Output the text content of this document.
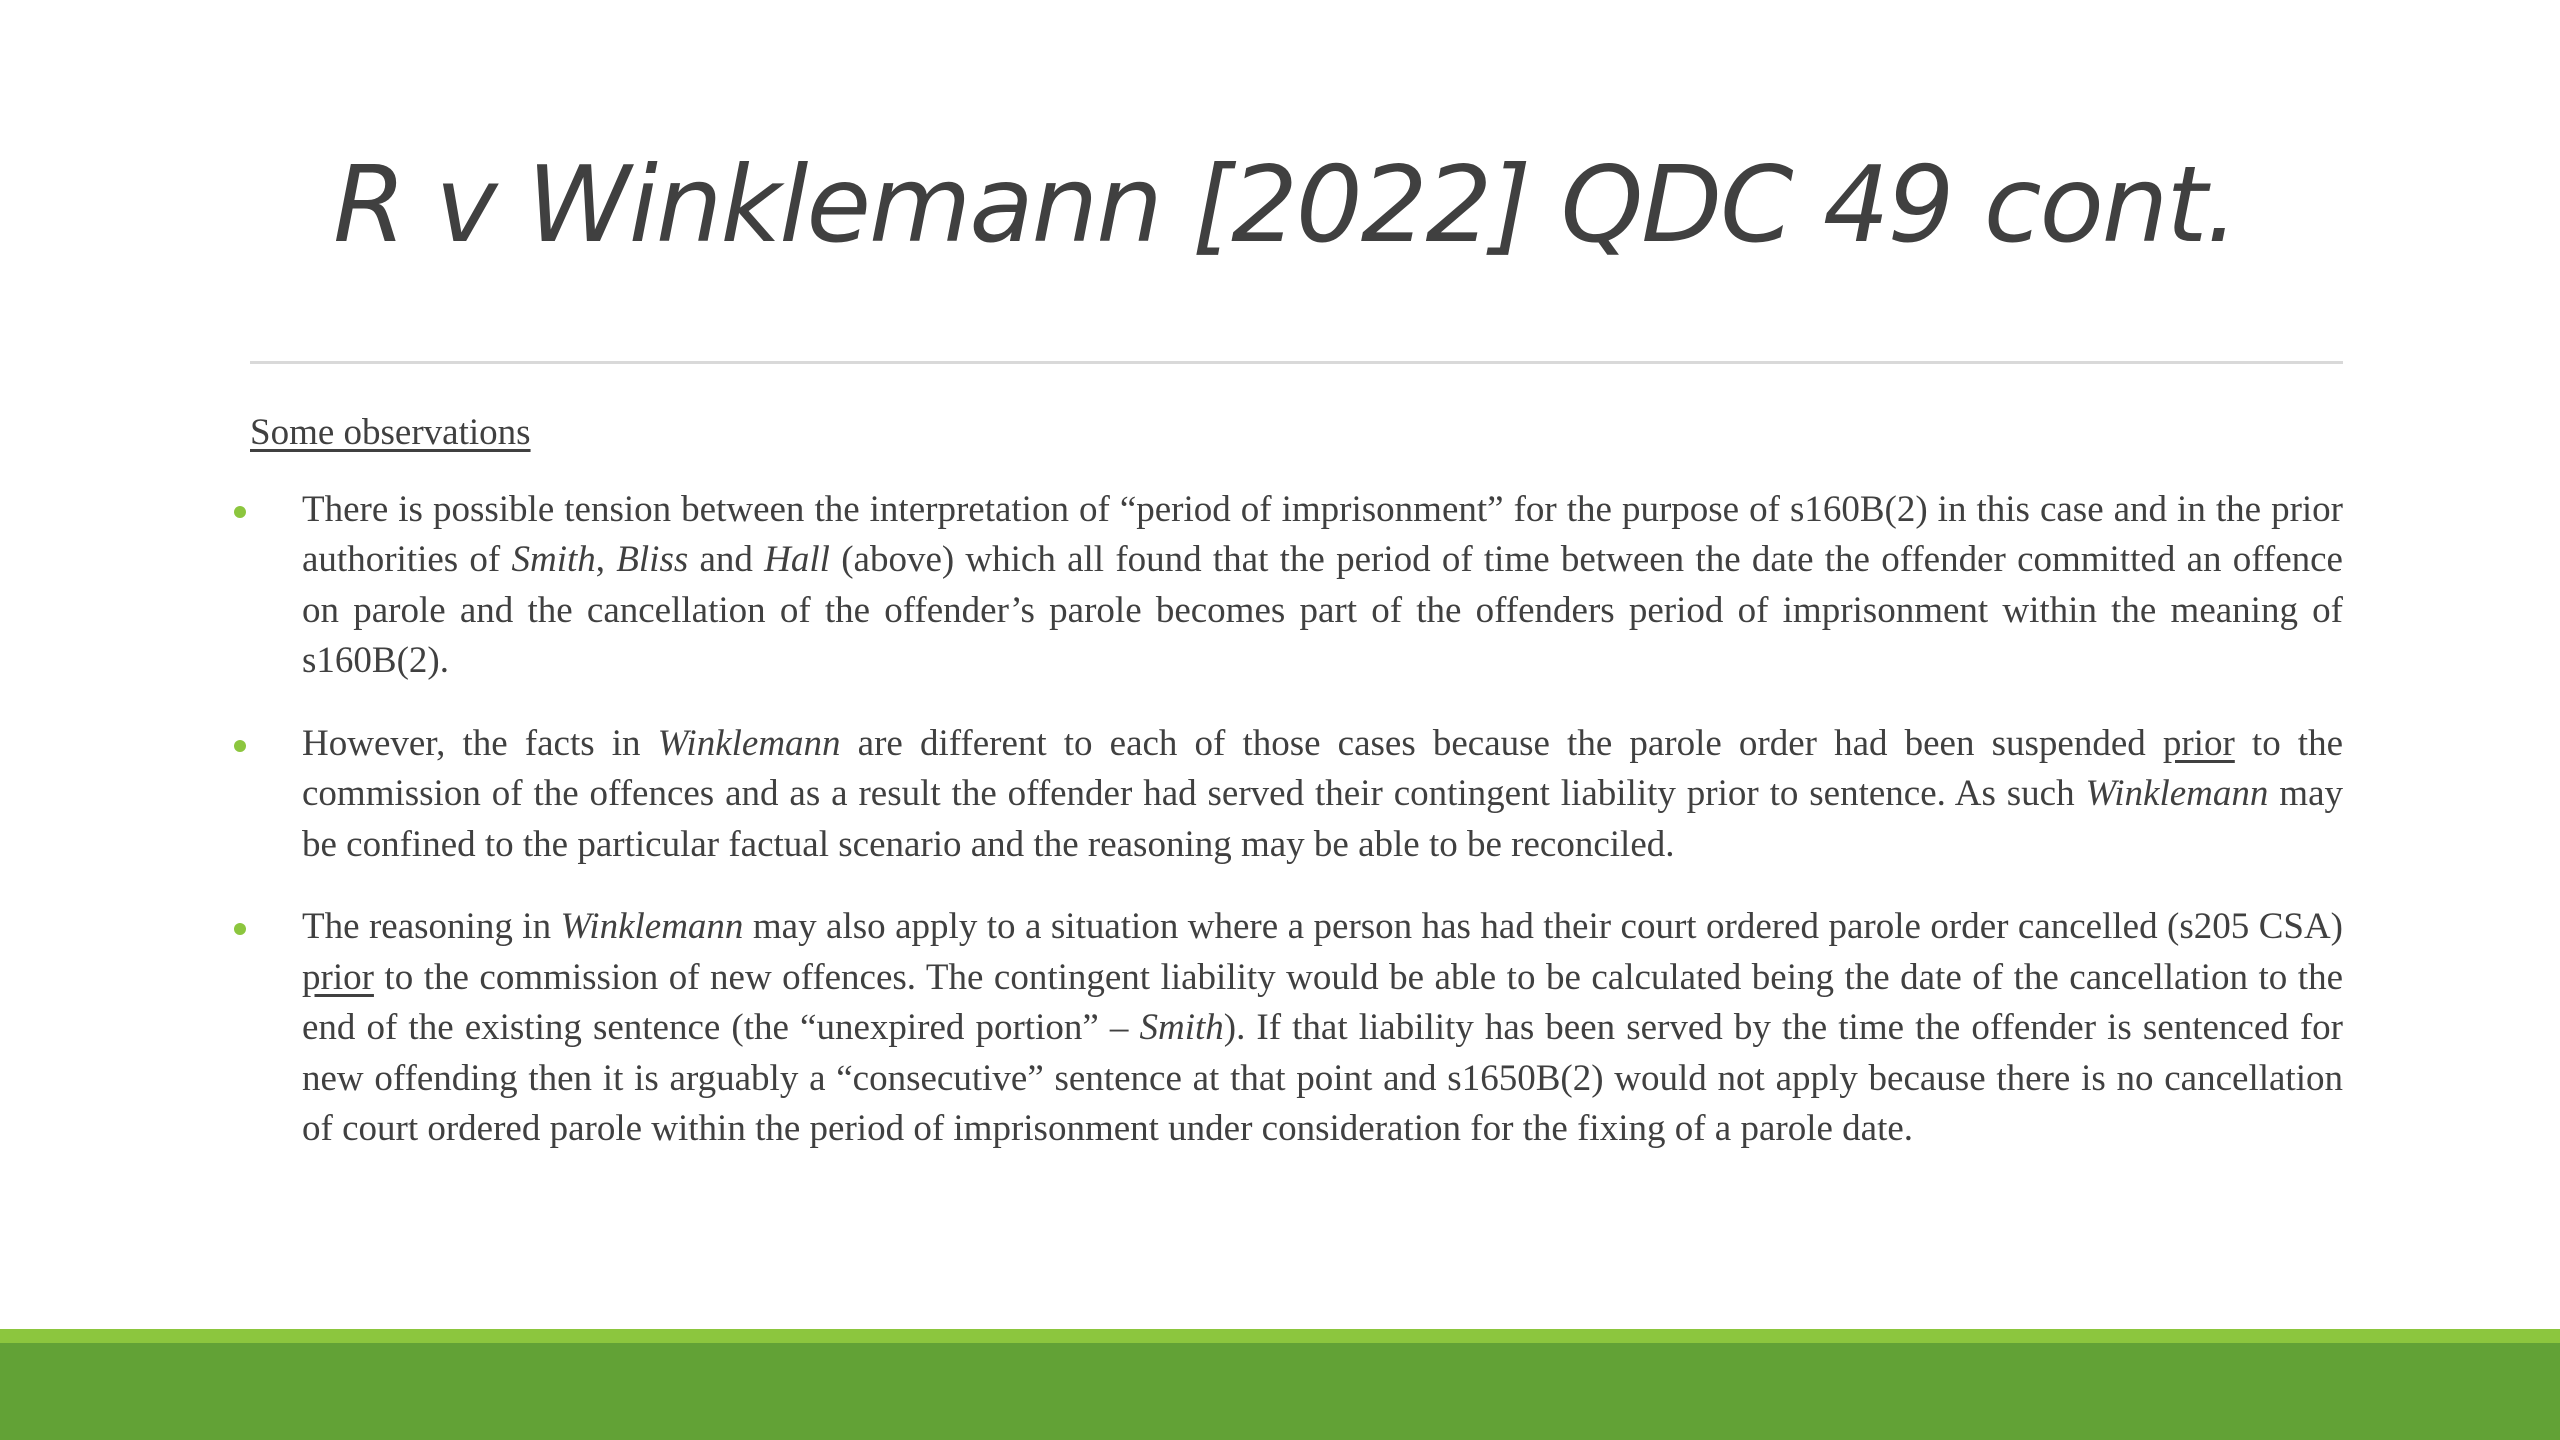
R v Winklemann [2022] QDC 49 cont.

Some observations

There is possible tension between the interpretation of “period of imprisonment” for the purpose of s160B(2) in this case and in the prior authorities of Smith, Bliss and Hall (above) which all found that the period of time between the date the offender committed an offence on parole and the cancellation of the offender’s parole becomes part of the offenders period of imprisonment within the meaning of s160B(2).
However, the facts in Winklemann are different to each of those cases because the parole order had been suspended prior to the commission of the offences and as a result the offender had served their contingent liability prior to sentence. As such Winklemann may be confined to the particular factual scenario and the reasoning may be able to be reconciled.
The reasoning in Winklemann may also apply to a situation where a person has had their court ordered parole order cancelled (s205 CSA) prior to the commission of new offences. The contingent liability would be able to be calculated being the date of the cancellation to the end of the existing sentence (the “unexpired portion” – Smith). If that liability has been served by the time the offender is sentenced for new offending then it is arguably a “consecutive” sentence at that point and s1650B(2) would not apply because there is no cancellation of court ordered parole within the period of imprisonment under consideration for the fixing of a parole date.
